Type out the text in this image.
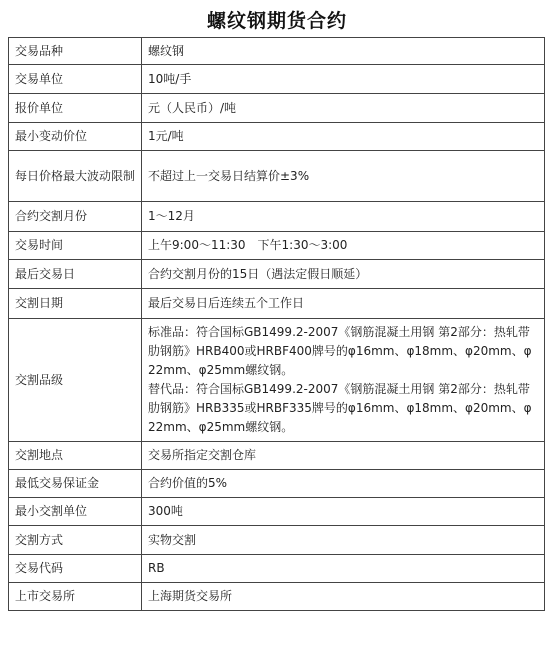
螺纹钢期货合约
交易品种	螺纹钢
交易单位	10吨/手
报价单位	元（人民币）/吨
最小变动价位	1元/吨
每日价格最大波动限制	不超过上一交易日结算价±3%
合约交割月份	1～12月
交易时间	上午9:00～11:30　下午1:30～3:00
最后交易日	合约交割月份的15日（遇法定假日顺延）
交割日期	最后交易日后连续五个工作日
交割品级	标准品：符合国标GB1499.2-2007《钢筋混凝土用钢 第2部分：热轧带肋钢筋》HRB400或HRBF400牌号的φ16mm、φ18mm、φ20mm、φ22mm、φ25mm螺纹钢。
替代品：符合国标GB1499.2-2007《钢筋混凝土用钢 第2部分：热轧带肋钢筋》HRB335或HRBF335牌号的φ16mm、φ18mm、φ20mm、φ22mm、φ25mm螺纹钢。

交割地点	交易所指定交割仓库
最低交易保证金	合约价值的5%
最小交割单位	300吨
交割方式	实物交割
交易代码	RB
上市交易所	上海期货交易所
